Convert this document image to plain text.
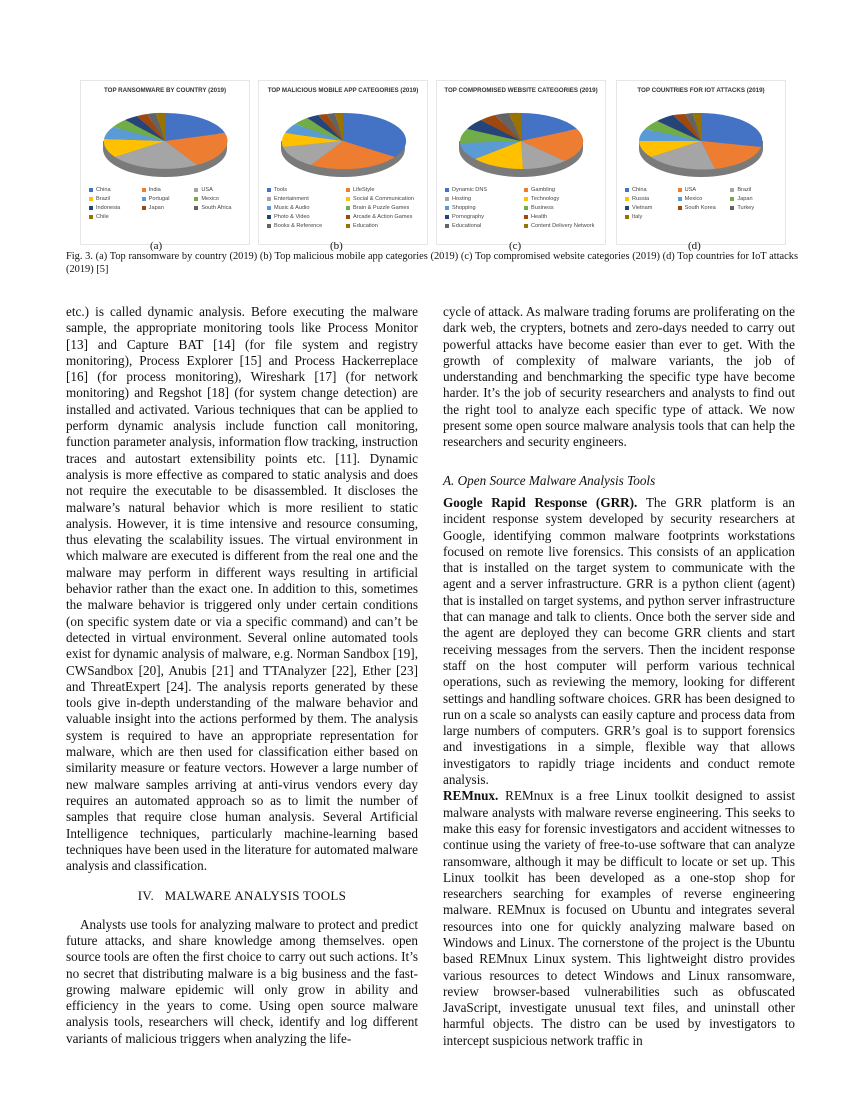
TOP RANSOMWARE BY COUNTRY (2019)
China	India	USA
Brazil	Portugal	Mexico
Indonesia	Japan	South Africa
Chile
TOP MALICIOUS MOBILE APP CATEGORIES (2019)
Tools	LifeStyle
Entertainment	Social & Communication
Music & Audio	Brain & Puzzle Games
Photo & Video	Arcade & Action Games
Books & Reference	Education
TOP COMPROMISED WEBSITE CATEGORIES (2019)
Dynamic DNS	Gambling
Hosting	Technology
Shopping	Business
Pornography	Health
Educational	Content Delivery Network
TOP COUNTRIES FOR IOT ATTACKS (2019)
China	USA	Brazil
Russia	Mexico	Japan
Vietnam	South Korea	Turkey
Italy
(a)	(b)	(c)	(d)
Fig. 3. (a) Top ransomware by country (2019) (b) Top malicious mobile app categories (2019) (c) Top compromised website categories (2019) (d) Top countries for IoT attacks (2019) [5]

etc.) is called dynamic analysis. Before executing the malware sample, the appropriate monitoring tools like Process Monitor [13] and Capture BAT [14] (for file system and registry monitoring), Process Explorer [15] and Process Hackerreplace [16] (for process monitoring), Wireshark [17] (for network monitoring) and Regshot [18] (for system change detection) are installed and activated. Various techniques that can be applied to perform dynamic analysis include function call monitoring, function parameter analysis, information flow tracking, instruction traces and autostart extensibility points etc. [11]. Dynamic analysis is more effective as compared to static analysis and does not require the executable to be disassembled. It discloses the malware’s natural behavior which is more resilient to static analysis. However, it is time intensive and resource consuming, thus elevating the scalability issues. The virtual environment in which malware are executed is different from the real one and the malware may perform in different ways resulting in artificial behavior rather than the exact one. In addition to this, sometimes the malware behavior is triggered only under certain conditions (on specific system date or via a specific command) and can’t be detected in virtual environment. Several online automated tools exist for dynamic analysis of malware, e.g. Norman Sandbox [19], CWSandbox [20], Anubis [21] and TTAnalyzer [22], Ether [23] and ThreatExpert [24]. The analysis reports generated by these tools give in-depth understanding of the malware behavior and valuable insight into the actions performed by them. The analysis system is required to have an appropriate representation for malware, which are then used for classification either based on similarity measure or feature vectors. However a large number of new malware samples arriving at anti-virus vendors every day requires an automated approach so as to limit the number of samples that require close human analysis. Several Artificial Intelligence techniques, particularly machine-learning based techniques have been used in the literature for automated malware analysis and classification.

IV. MALWARE ANALYSIS TOOLS

Analysts use tools for analyzing malware to protect and predict future attacks, and share knowledge among themselves. open source tools are often the first choice to carry out such actions. It’s no secret that distributing malware is a big business and the fast-growing malware epidemic will only grow in ability and efficiency in the years to come. Using open source malware analysis tools, researchers will check, identify and log different variants of malicious triggers when analyzing the life-

cycle of attack. As malware trading forums are proliferating on the dark web, the crypters, botnets and zero-days needed to carry out powerful attacks have become easier than ever to get. With the growth of complexity of malware variants, the job of understanding and benchmarking the specific type have become harder. It’s the job of security researchers and analysts to find out the right tool to analyze each specific type of attack. We now present some open source malware analysis tools that can help the researchers and security engineers.

A. Open Source Malware Analysis Tools

Google Rapid Response (GRR). The GRR platform is an incident response system developed by security researchers at Google, identifying common malware footprints workstations focused on remote live forensics. This consists of an application that is installed on the target system to communicate with the agent and a server infrastructure. GRR is a python client (agent) that is installed on target systems, and python server infrastructure that can manage and talk to clients. Once both the server side and the agent are deployed they can become GRR clients and start receiving messages from the servers. Then the incident response staff on the host computer will perform various technical operations, such as reviewing the memory, looking for different settings and handling software choices. GRR has been designed to run on a scale so analysts can easily capture and process data from large numbers of computers. GRR’s goal is to support forensics and investigations in a simple, flexible way that allows investigators to rapidly triage incidents and conduct remote analysis.

REMnux. REMnux is a free Linux toolkit designed to assist malware analysts with malware reverse engineering. This seeks to make this easy for forensic investigators and accident witnesses to continue using the variety of free-to-use software that can analyze ransomware, although it may be difficult to locate or set up. This Linux toolkit has been developed as a one-stop shop for researchers searching for examples of reverse engineering malware. REMnux is focused on Ubuntu and integrates several resources into one for quickly analyzing malware based on Windows and Linux. The cornerstone of the project is the Ubuntu based REMnux Linux system. This lightweight distro provides various resources to detect Windows and Linux ransomware, review browser-based vulnerabilities such as obfuscated JavaScript, investigate unusual text files, and uninstall other harmful objects. The distro can be used by investigators to intercept suspicious network traffic in
